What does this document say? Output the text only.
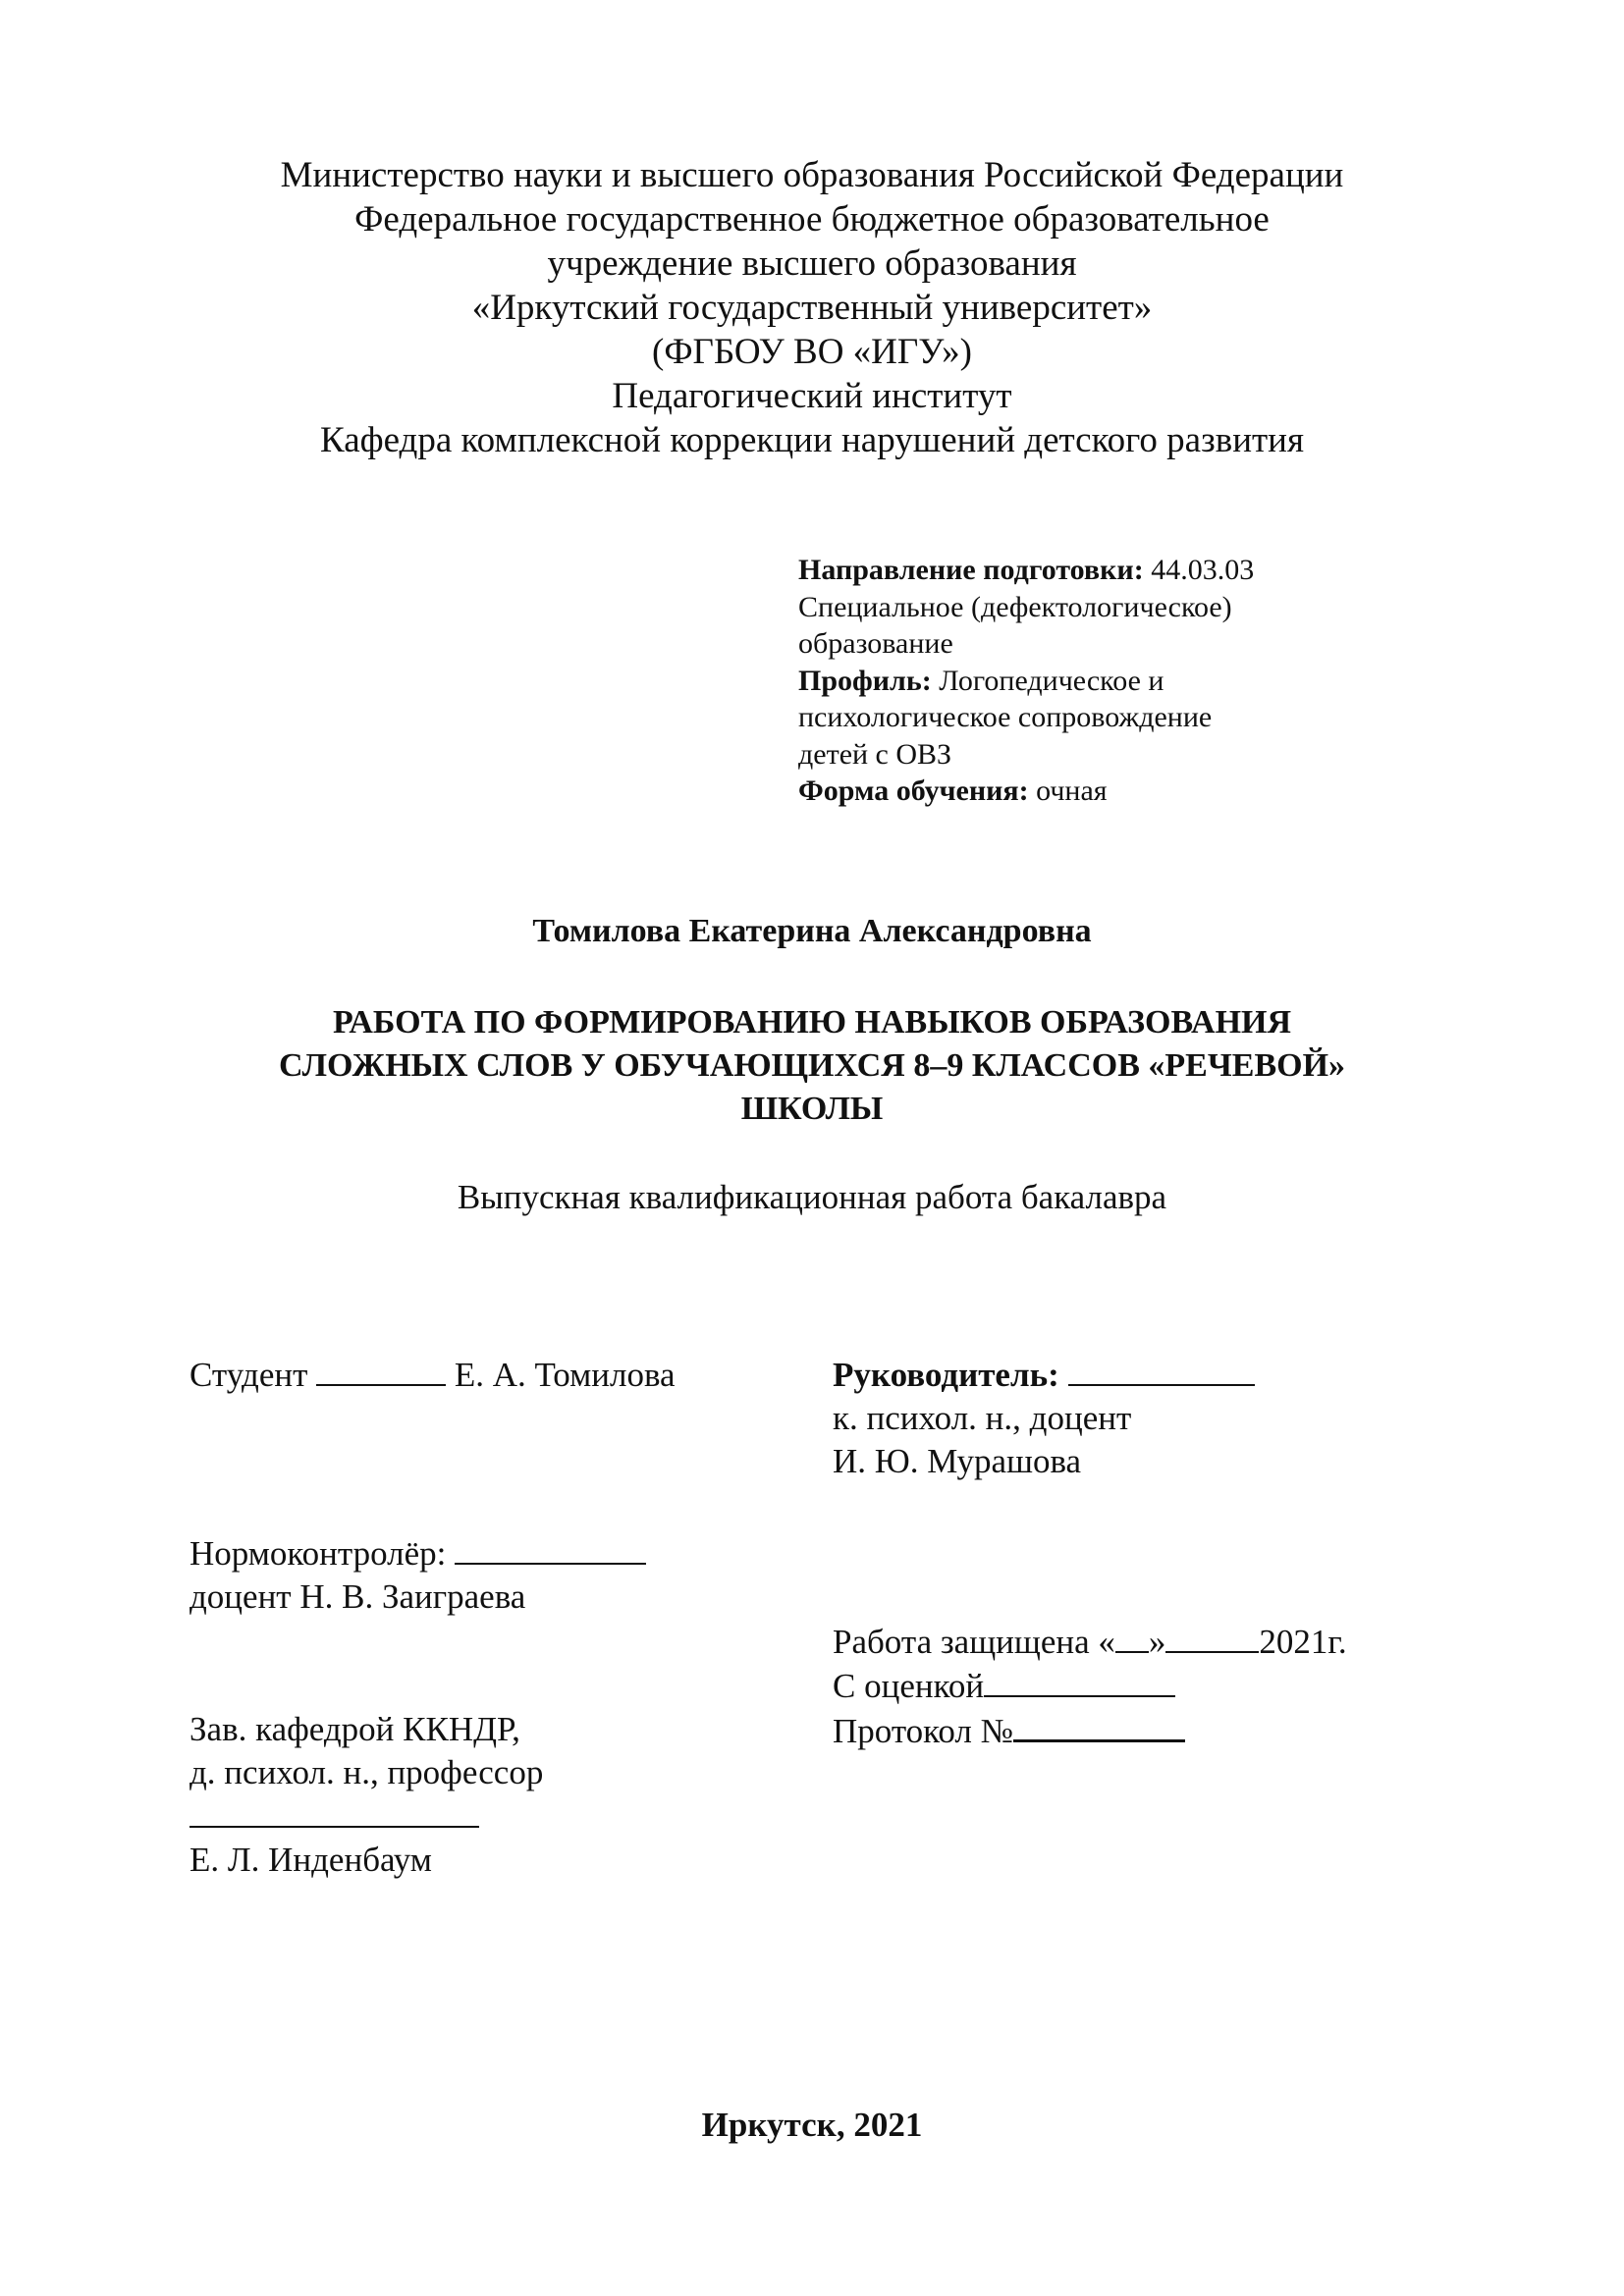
Министерство науки и высшего образования Российской Федерации
Федеральное государственное бюджетное образовательное
учреждение высшего образования
«Иркутский государственный университет»
(ФГБОУ ВО «ИГУ»)
Педагогический институт
Кафедра комплексной коррекции нарушений детского развития
Направление подготовки: 44.03.03
Специальное (дефектологическое)
образование
Профиль: Логопедическое и
психологическое сопровождение
детей с ОВЗ
Форма обучения: очная
Томилова Екатерина Александровна
РАБОТА ПО ФОРМИРОВАНИЮ НАВЫКОВ ОБРАЗОВАНИЯ
СЛОЖНЫХ СЛОВ У ОБУЧАЮЩИХСЯ 8–9 КЛАССОВ «РЕЧЕВОЙ»
ШКОЛЫ
Выпускная квалификационная работа бакалавра
Студент	Е. А. Томилова
Нормоконтролёр:
доцент Н. В. Заиграева
Зав. кафедрой ККНДР,
д. психол. н., профессор
Е. Л. Инденбаум
Руководитель:
к. психол. н., доцент
И. Ю. Мурашова
Работа защищена « »	2021г.
С оценкой
Протокол №
Иркутск, 2021
